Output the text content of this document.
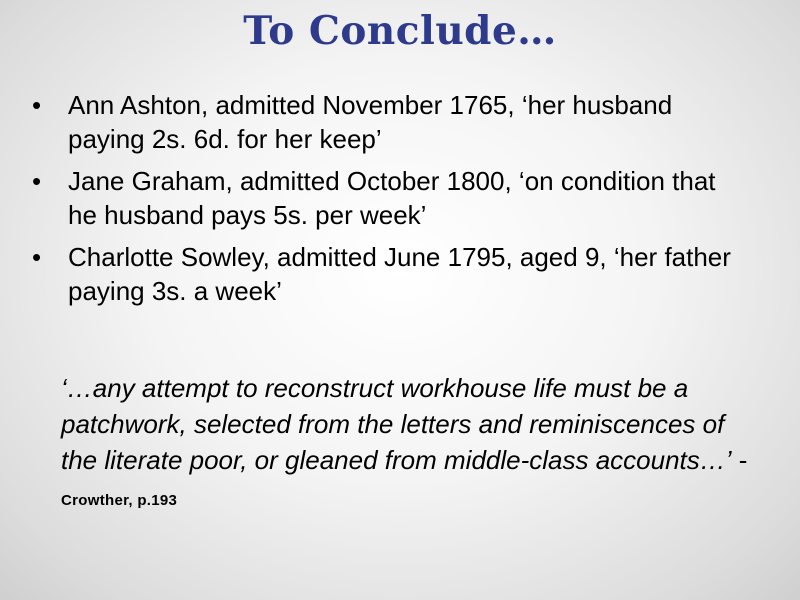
To Conclude…
•	Ann Ashton, admitted November 1765, ‘her husband paying 2s. 6d. for her keep’
•	Jane Graham, admitted October 1800, ‘on condition that he husband pays 5s. per week’
•	Charlotte Sowley, admitted June 1795, aged 9, ‘her father paying 3s. a week’

‘…any attempt to reconstruct workhouse life must be a patchwork, selected from the letters and reminiscences of the literate poor, or gleaned from middle-class accounts…’ - Crowther, p.193
